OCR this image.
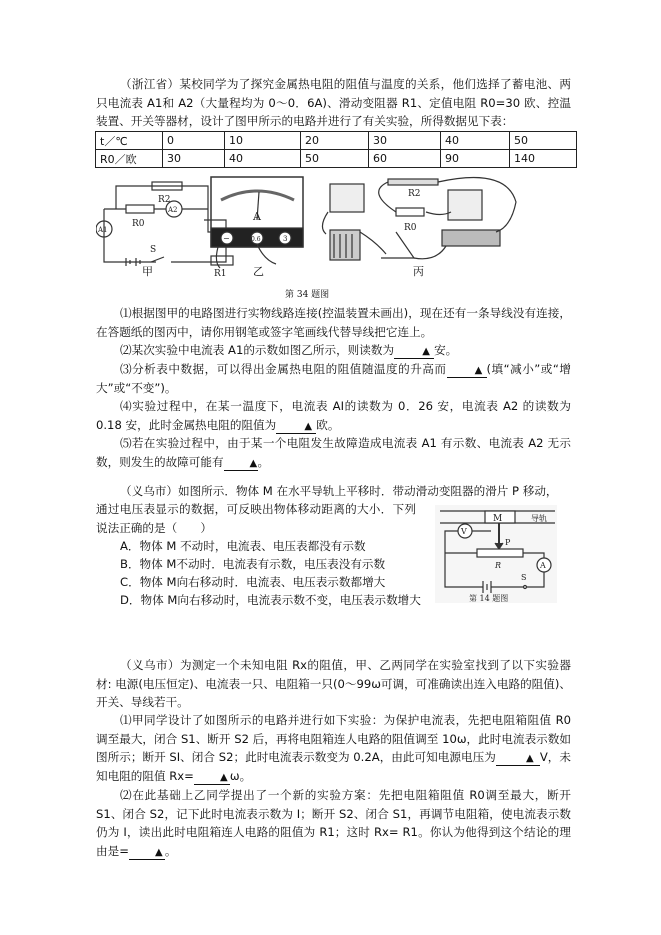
（浙江省）某校同学为了探究金属热电阻的阻值与温度的关系，他们选择了蓄电池、两只电流表 A1和 A2（大量程均为 0～0．6A)、滑动变阻器 R1、定值电阻 R0=30 欧、控温装置、开关等器材，设计了图甲所示的电路并进行了有关实验，所得数据见下表：
t／℃	0	10	20	30	40	50
R0／欧	30	40	50	60	90	140
R2
R0
A2
A1
S
R1
A
−	0.6	3
R2
R0
甲	乙	丙
第 34 题图
⑴根据图甲的电路图进行实物线路连接(控温装置未画出)，现在还有一条导线没有连接，在答题纸的图丙中，请你用钢笔或签字笔画线代替导线把它连上。
⑵某次实验中电流表 A1的示数如图乙所示，则读数为	▲ 安。
⑶分析表中数据，可以得出金属热电阻的阻值随温度的升高而	▲ (填“减小”或“增大”或“不变”)。
⑷实验过程中，在某一温度下，电流表 AI的读数为 0．26 安，电流表 A2 的读数为 0.18 安，此时金属热电阻的阻值为	▲ 欧。
⑸若在实验过程中，由于某一个电阻发生故障造成电流表 A1 有示数、电流表 A2 无示数，则发生的故障可能有	▲。
（义乌市）如图所示．物体 M 在水平导轨上平移时．带动滑动变阻器的滑片 P 移动，
通过电压表显示的数据，可反映出物体移动距离的大小．下列说法正确的是（　　）
A．物体 M 不动时，电流表、电压表都没有示数
B．物体 M不动时．电流表有示数，电压表没有示数
C．物体 M向右移动时．电流表、电压表示数都增大
D．物体 M向右移动时，电流表示数不变，电压表示数增大
M	导轨
V
P
R	A
S
第 14 题图
（义乌市）为测定一个未知电阻 Rx的阻值，甲、乙两同学在实验室找到了以下实验器材: 电源(电压恒定)、电流表一只、电阻箱一只(0～99ω可调，可准确读出连入电路的阻值)、开关、导线若干。
⑴甲同学设计了如图所示的电路并进行如下实验：为保护电流表，先把电阻箱阻值 R0 调至最大，闭合 S1、断开 S2 后，再将电阻箱连人电路的阻值调至 10ω，此时电流表示数如图所示；断开 SI、闭合 S2；此时电流表示数变为 0.2A，由此可知电源电压为	▲ V，未知电阻的阻值 Rx=	▲ ω。
⑵在此基础上乙同学提出了一个新的实验方案：先把电阻箱阻值 R0调至最大，断开 S1、闭合 S2，记下此时电流表示数为 I；断开 S2、闭合 S1，再调节电阻箱，使电流表示数仍为 I，读出此时电阻箱连人电路的阻值为 R1；这时 Rx= R1。你认为他得到这个结论的理由是=	▲ 。
